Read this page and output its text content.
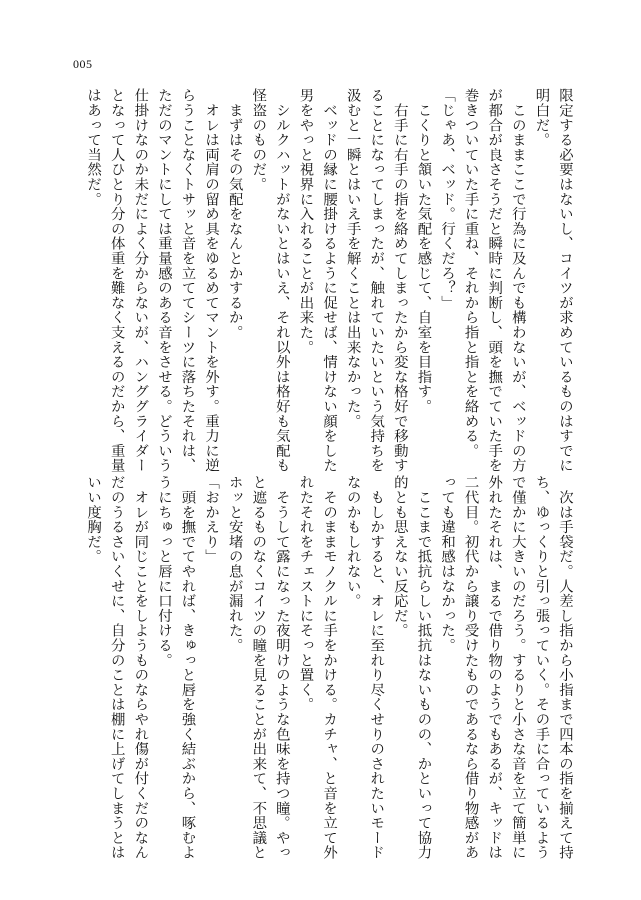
005
限定する必要はないし、コイツが求めているものはすでに
明白だ。
　このままここで行為に及んでも構わないが、ベッドの方
が都合が良さそうだと瞬時に判断し、頭を撫でていた手を
巻きついていた手に重ね、それから指と指とを絡める。
「じゃあ、ベッド。行くだろ？」
　こくりと頷いた気配を感じて、自室を目指す。
　右手に右手の指を絡めてしまったから変な格好で移動す
ることになってしまったが、触れていたいという気持ちを
汲むと一瞬とはいえ手を解くことは出来なかった。
　ベッドの縁に腰掛けるように促せば、情けない顔をした
男をやっと視界に入れることが出来た。
　シルクハットがないとはいえ、それ以外は格好も気配も
怪盗のものだ。
　まずはその気配をなんとかするか。
　オレは両肩の留め具をゆるめてマントを外す。重力に逆
らうことなくトサッと音を立ててシーツに落ちたそれは、
ただのマントにしては重量感のある音をさせる。どういう
仕掛けなのか未だによく分からないが、ハンググライダー
となって人ひとり分の体重を難なく支えるのだから、重量
はあって当然だ。
　次は手袋だ。人差し指から小指まで四本の指を揃えて持
ち、ゆっくりと引っ張っていく。その手に合っているよう
で僅かに大きいのだろう。するりと小さな音を立て簡単に
外れたそれは、まるで借り物のようでもあるが、キッドは
二代目。初代から譲り受けたものであるなら借り物感があ
っても違和感はなかった。
　ここまで抵抗らしい抵抗はないものの、かといって協力
的とも思えない反応だ。
　もしかすると、オレに至れり尽くせりのされたいモード
なのかもしれない。
　そのままモノクルに手をかける。カチャ、と音を立て外
れたそれをチェストにそっと置く。
　そうして露になった夜明けのような色味を持つ瞳。やっ
と遮るものなくコイツの瞳を見ることが出来て、不思議と
ホッと安堵の息が漏れた。
「おかえり」
　頭を撫でてやれば、きゅっと唇を強く結ぶから、啄むよ
うにちゅっと唇に口付ける。
　オレが同じことをしようものならやれ傷が付くだのなん
だのうるさいくせに、自分のことは棚に上げてしまうとは
いい度胸だ。
